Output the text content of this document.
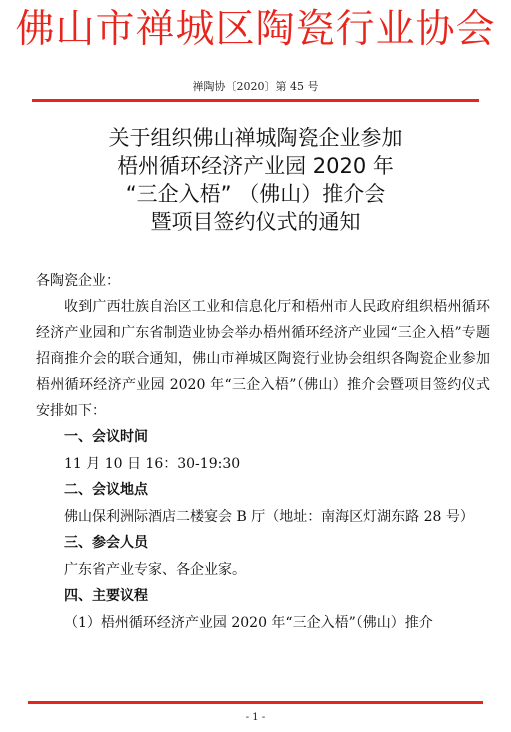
佛山市禅城区陶瓷行业协会
禅陶协〔2020〕第 45 号
关于组织佛山禅城陶瓷企业参加
梧州循环经济产业园 2020 年
“三企入梧” （佛山）推介会
暨项目签约仪式的通知

各陶瓷企业：

收到广西壮族自治区工业和信息化厅和梧州市人民政府组织梧州循环经济产业园和广东省制造业协会举办梧州循环经济产业园“三企入梧”专题招商推介会的联合通知，佛山市禅城区陶瓷行业协会组织各陶瓷企业参加梧州循环经济产业园 2020 年“三企入梧”（佛山）推介会暨项目签约仪式安排如下：

一、会议时间

11 月 10 日 16：30-19:30

二、会议地点

佛山保利洲际酒店二楼宴会 B 厅（地址：南海区灯湖东路 28 号）

三、参会人员

广东省产业专家、各企业家。

四、主要议程

（1）梧州循环经济产业园 2020 年“三企入梧”（佛山）推介

- 1 -
